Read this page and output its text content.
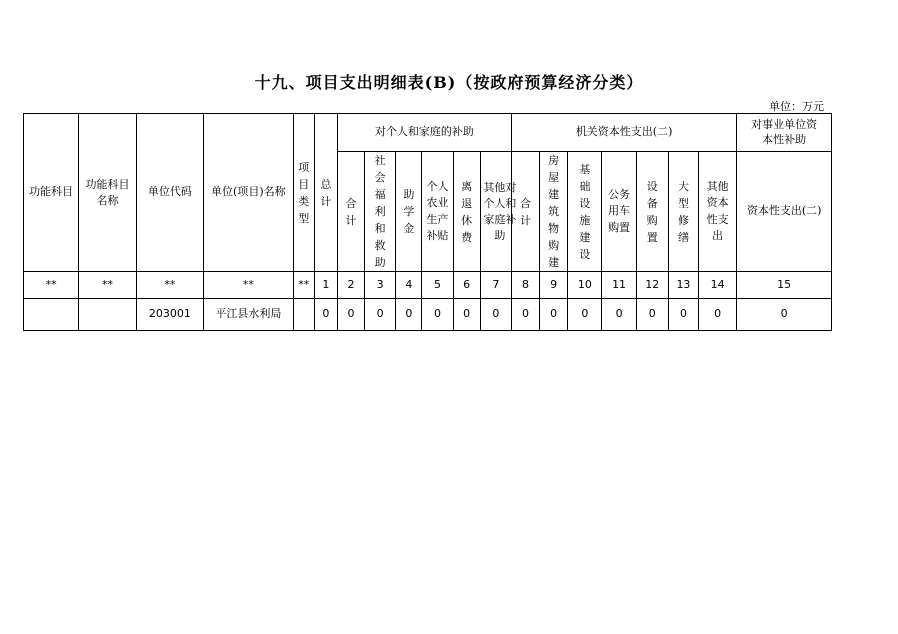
十九、项目支出明细表(B)（按政府预算经济分类）
单位：万元
功能科目	功能科目名称	单位代码	单位(项目)名称	项目类型	总计	对个人和家庭的补助						机关资本性支出(二)							对事业单位资本性补助
						合计	社会福利和救助	助学金	个人农业生产补贴	离退休费	其他对个人和家庭补助	合计	房屋建筑物购建	基础设施建设	公务用车购置	设备购置	大型修缮	其他资本性支出	资本性支出(二)
**	**	**	**	**	1	2	3	4	5	6	7	8	9	10	11	12	13	14	15
		203001	平江县水利局		0	0	0	0	0	0	0	0	0	0	0	0	0	0	0
